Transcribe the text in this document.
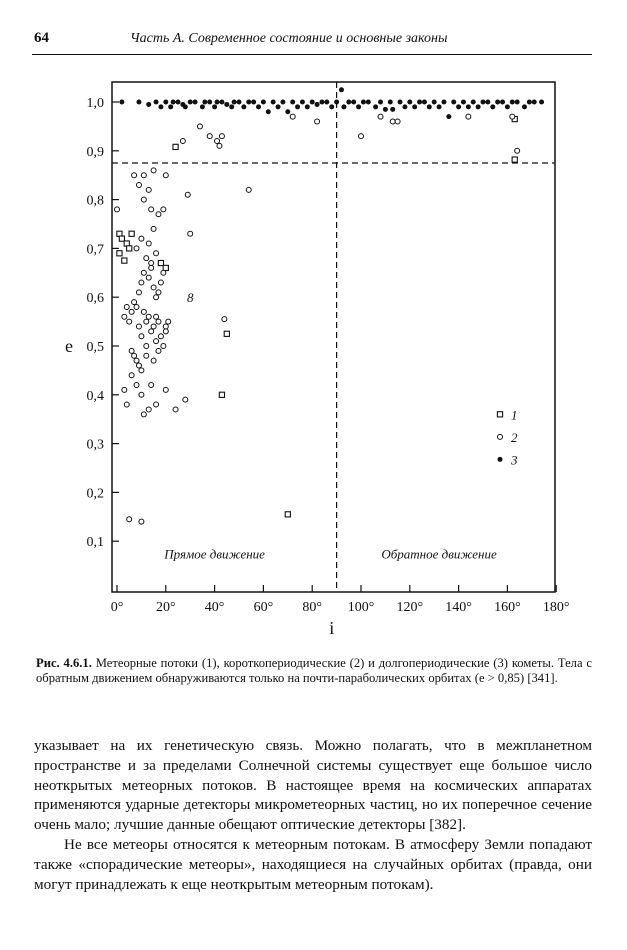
64	Часть А. Современное состояние и основные законы
0,1
0,2
0,3
0,4
0,5
0,6
0,7
0,8
0,9
1,0
0° 20° 40° 60° 80° 100° 120° 140° 160° 180°
e
i
Прямое движение	Обратное движение
8
1
2
3

Рис. 4.6.1. Метеорные потоки (1), короткопериодические (2) и долгопериодические (3) кометы. Тела с обратным движением обнаруживаются только на почти-параболических орбитах (e > 0,85) [341].

указывает на их генетическую связь. Можно полагать, что в межпланетном пространстве и за пределами Солнечной системы существует еще большое число неоткрытых метеорных потоков. В настоящее время на космических аппаратах применяются ударные детекторы микрометеорных частиц, но их поперечное сечение очень мало; лучшие данные обещают оптические детекторы [382].

Не все метеоры относятся к метеорным потокам. В атмосферу Земли попадают также «спорадические метеоры», находящиеся на случайных орбитах (правда, они могут принадлежать к еще неоткрытым метеорным потокам).
